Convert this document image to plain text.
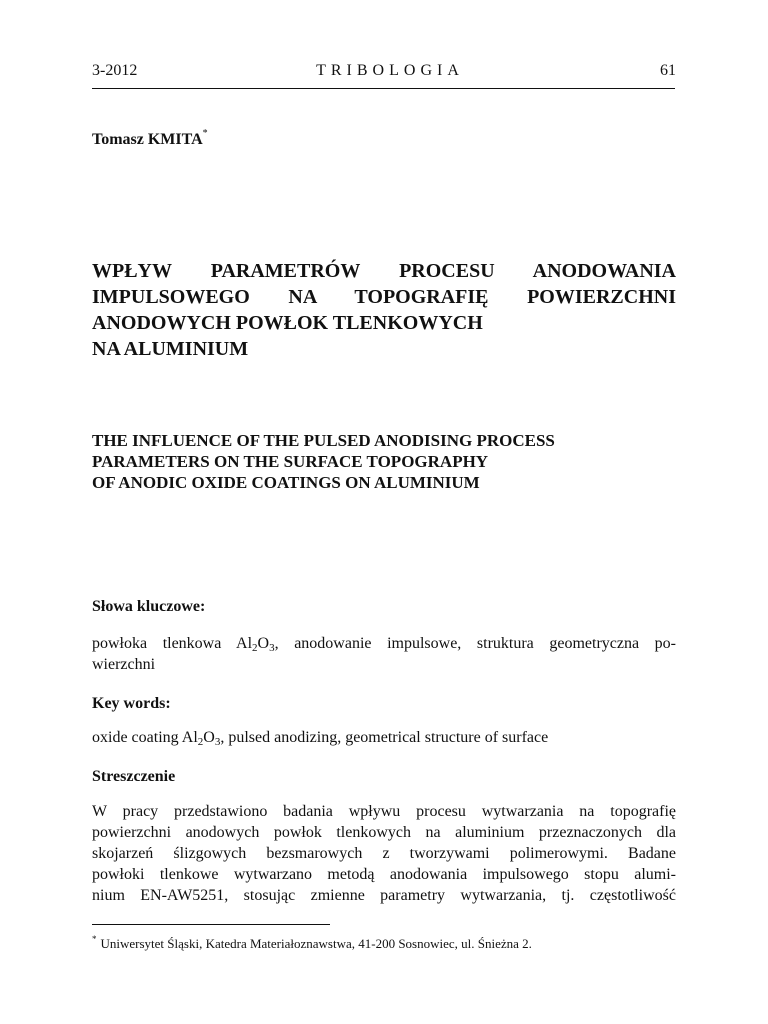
3-2012	TRIBOLOGIA	61
Tomasz KMITA*
WPŁYW PARAMETRÓW PROCESU ANODOWANIA
IMPULSOWEGO NA TOPOGRAFIĘ POWIERZCHNI
ANODOWYCH POWŁOK TLENKOWYCH
NA ALUMINIUM
THE INFLUENCE OF THE PULSED ANODISING PROCESS
PARAMETERS ON THE SURFACE TOPOGRAPHY
OF ANODIC OXIDE COATINGS ON ALUMINIUM
Słowa kluczowe:
powłoka tlenkowa $Al_2O_3$, anodowanie impulsowe, struktura geometryczna po-
wierzchni
Key words:
oxide coating $Al_2O_3$, pulsed anodizing, geometrical structure of surface
Streszczenie
W pracy przedstawiono badania wpływu procesu wytwarzania na topografię
powierzchni anodowych powłok tlenkowych na aluminium przeznaczonych dla
skojarzeń ślizgowych bezsmarowych z tworzywami polimerowymi. Badane
powłoki tlenkowe wytwarzano metodą anodowania impulsowego stopu alumi-
nium EN-AW5251, stosując zmienne parametry wytwarzania, tj. częstotliwość
* Uniwersytet Śląski, Katedra Materiałoznawstwa, 41-200 Sosnowiec, ul. Śnieżna 2.
